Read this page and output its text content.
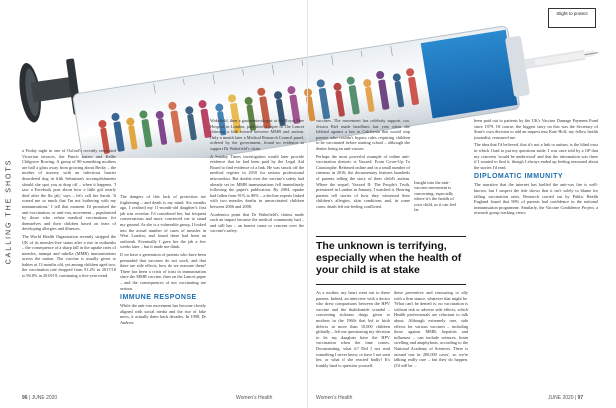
Slight to protect
CALLING THE SHOTS

a Friday night in one of Oxford's recently renovated Victorian terraces, the Punch sisters and Kellie Chilgrove Rowing. A group of 80-something mothers are half a glass away from growing about Becky – the mother of nursery with an infectious barrier disordered dog in fifth Sebastian's accomplishments should she spot you at drop off – when it happens. 'I saw a Facebook post about how a little girl nearly died after the flu jab,' says – let's call her Sarah. 'It scared me so much that I'm not bothering with my immunisations.' I tell that moment I'd promised the anti-vaccination, or anti-vax, movement – popularised by those who refuse medical vaccinations for themselves and their children based on fears of developing allergies and illnesses.

The World Health Organisation recently stripped the UK of its measles-free status after a rise in outbreaks – the consequence of a sharp fall in the uptake rates of measles, mumps and rubella (MMR) immunisations across the nation. The vaccine is usually given to babies at 13 months old, yet among children aged two, the vaccination rate dropped from 91.2% in 2017/18 to 90.8% in 2018/19, continuing a five-year trend.

The dangers of this lack of protection are frightening – and death is my mind. Six months ago, I realised my 11-month-old daughter's first jab was overdue. I'd considered her, but frequent conversations and more convinced me to stand my ground. As she is a vulnerable group, I looked into the actual number of cases of measles in West London, and found there had been an outbreak. Eventually I gave her the jab a few weeks later – but it made me think.

If we have a generation of parents who have been persuaded that vaccines do not work, and that there are side effects, how do we reassure them? There has been a crisis of trust in immunisation since the MMR vaccine, then on the Lancet paper – and the consequences of not vaccinating are serious.

IMMUNE RESPONSE

While the anti-vax movement has become closely aligned with social media and the rise of fake news, it actually dates back decades. In 1998, Dr Andrew

Wakefield, then a gastroenterologist at the Royal Free Hospital in London, published a paper in The Lancet claiming a link existed between MMR and autism. Only a month later a Medical Research Council panel, ordered by the government, found no evidence to support Dr Wakefield's claim.

A Sunday Times investigation would later provide evidence that he had been paid by the Legal Aid Board to find evidence of a link. He was struck off the medical register in 2010 for serious professional misconduct. But doubts over the vaccine's safety had already set in: MMR immunisations fell immediately following the paper's publication. By 2004, uptake had fallen from 91% to 80% – a decline experts linked with two measles deaths in unvaccinated children between 2006 and 2008.

Academics point that Dr Wakefield's claims made such an impact because the medical community had – and still has – an honest cause or concern over the vaccine's safety.

96 | JUNE 2020	Women's Health

vaccines. The movement has celebrity support, too. Jessica Biel made headlines last year when she lobbied against a law in California that would stop parents who couldn't bypass rules requiring children to be vaccinated before starting school – although she denies being an anti-vaxxer.

Perhaps the most powerful example of online anti-vaccination rhetoric is Vaxxed: From Cover-Up To Catastrophe. Released online and in a small number of cinemas in 2016, the documentary features hundreds of parents telling the story of their child's autism. Where the sequel, Vaxxed II: The People's Truth, premiered in London in January, I watched it. Hearing parents tell stories of how they witnessed their children's allergies, skin conditions and, in some cases, death left me feeling conflicted.

Insight into the anti-vaccine movement is concerning, especially where it's the health of your child, as it can feel far
The unknown is terrifying, especially when the health of your child is at stake

As a mother, my heart went out to these parents. Indeed, an interview with a doctor who drew comparisons between the HPV vaccine and the thalidomide scandal – concerning sickness drugs given to mothers in the 1960s that led to birth defects in more than 10,000 children globally – left me questioning my decision to let my daughter have the HPV vaccination when the time comes. Documenting, what if? Did I not read something I never knew, or have I not seen her, or what if she reacted badly? It's frankly hard to question yourself.

these preventive and reassuring to ally with a firm stance, whatever that might be. 'What can't be denied is: no vaccination is without risk or adverse side effects, which Health professionals are reluctant to talk about. Although extremely rare, side effects for various vaccines – including those against MMR, hepatitis and influenza – can include seizures, brain swelling and anaphylaxis, according to the National Academy of Sciences. There is around one in 200,000 cases', so we're talking really rare – but they do happen. (I'd still be ...

been paid out to patients by the UK's Vaccine Damage Payment Fund since 1979. Of course, the biggest story on this was the Secretary of State's own decision to add an inquest into Kate Hoff, my fellow health journalist, reassured me.

The idea that I'd believed, that it's not a link to autism, is the blind trust in which I had to put my questions aside. I was once told by a GP that my concerns 'would be understood' and that the information was there if I wanted to find it, though I always ended up feeling reassured about the stories I'd read.

DIPLOMATIC IMMUNITY

The narrative that the internet has fuelled the anti-vax fire is well-known, but I suspect the tide shows that it isn't solely to blame for falling vaccination rates. Research carried out by Public Health England found that 90% of parents had confidence in the national immunisation programme. Similarly, the Vaccine Confidence Project, a research group tracking views

Women's Health	JUNE 2020 | 97
